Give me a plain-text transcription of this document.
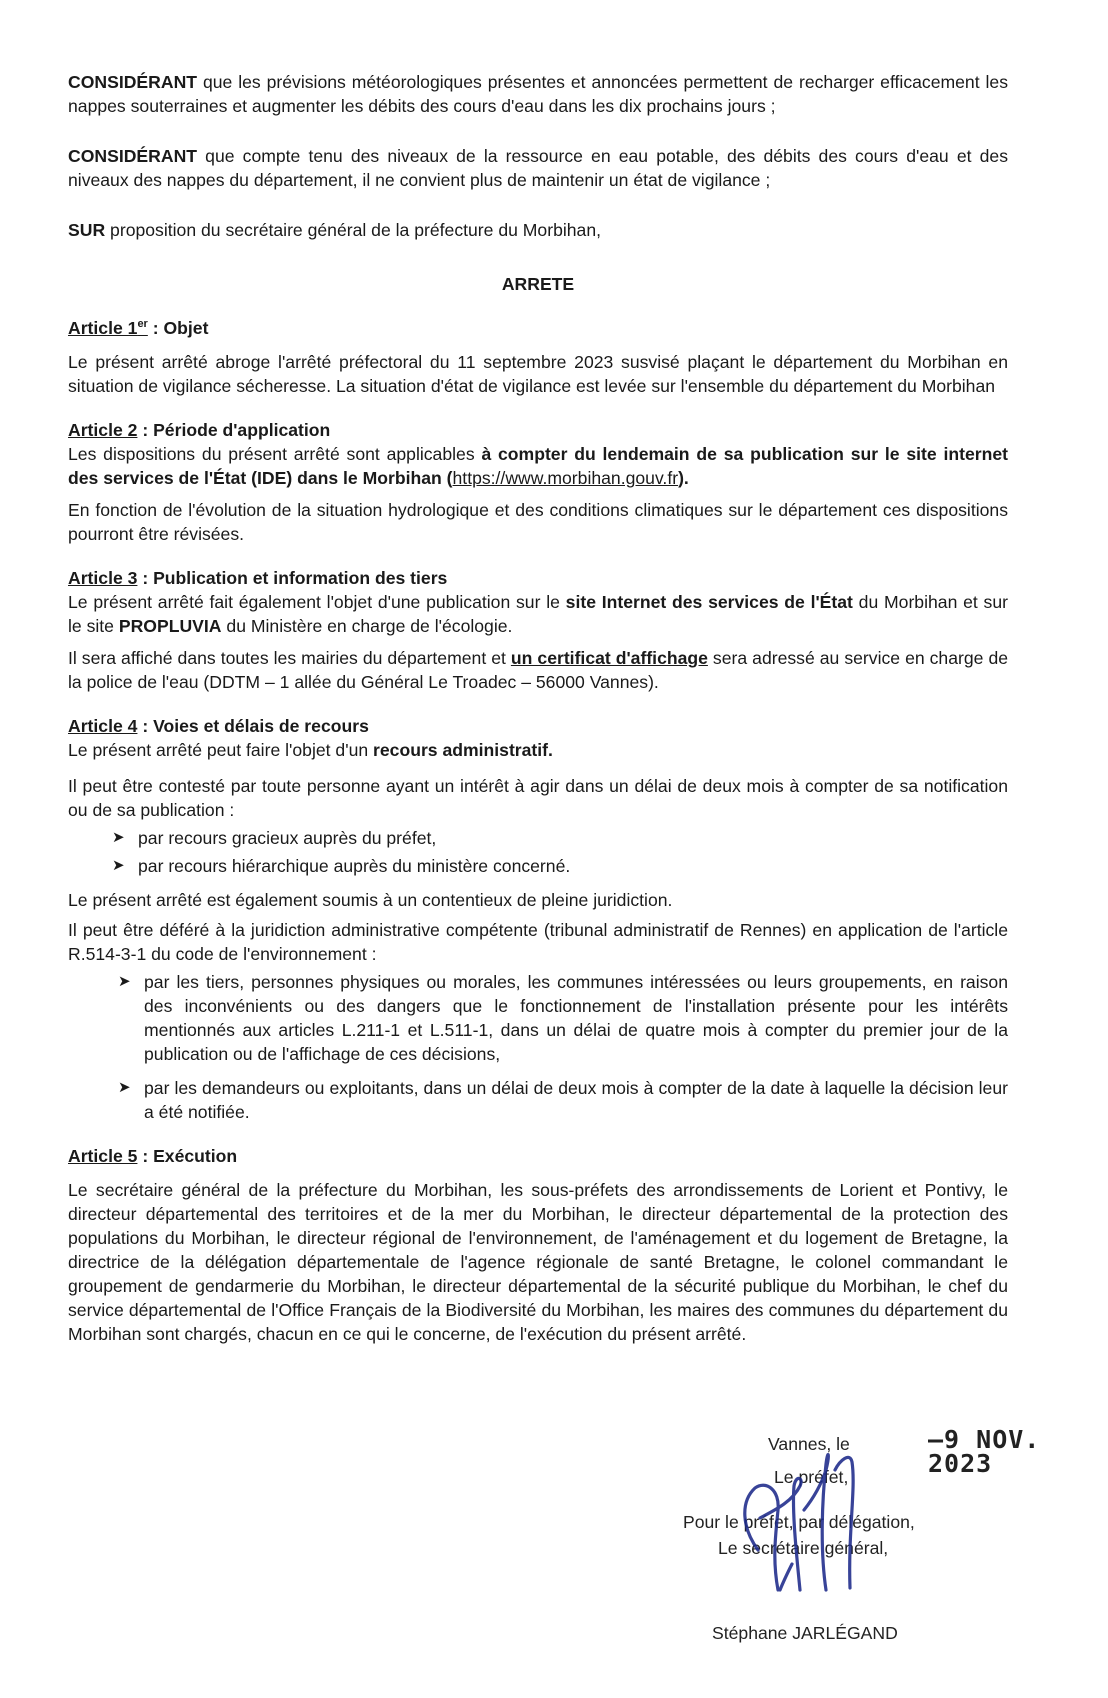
CONSIDÉRANT que les prévisions météorologiques présentes et annoncées permettent de recharger efficacement les nappes souterraines et augmenter les débits des cours d'eau dans les dix prochains jours ;

CONSIDÉRANT que compte tenu des niveaux de la ressource en eau potable, des débits des cours d'eau et des niveaux des nappes du département, il ne convient plus de maintenir un état de vigilance ;

SUR proposition du secrétaire général de la préfecture du Morbihan,

ARRETE

Article 1er : Objet

Le présent arrêté abroge l'arrêté préfectoral du 11 septembre 2023 susvisé plaçant le département du Morbihan en situation de vigilance sécheresse. La situation d'état de vigilance est levée sur l'ensemble du département du Morbihan

Article 2 : Période d'application

Les dispositions du présent arrêté sont applicables à compter du lendemain de sa publication sur le site internet des services de l'État (IDE) dans le Morbihan (https://www.morbihan.gouv.fr).

En fonction de l'évolution de la situation hydrologique et des conditions climatiques sur le département ces dispositions pourront être révisées.

Article 3 : Publication et information des tiers

Le présent arrêté fait également l'objet d'une publication sur le site Internet des services de l'État du Morbihan et sur le site PROPLUVIA du Ministère en charge de l'écologie.

Il sera affiché dans toutes les mairies du département et un certificat d'affichage sera adressé au service en charge de la police de l'eau (DDTM – 1 allée du Général Le Troadec – 56000 Vannes).

Article 4 : Voies et délais de recours

Le présent arrêté peut faire l'objet d'un recours administratif.

Il peut être contesté par toute personne ayant un intérêt à agir dans un délai de deux mois à compter de sa notification ou de sa publication :

➤ par recours gracieux auprès du préfet,
➤ par recours hiérarchique auprès du ministère concerné.

Le présent arrêté est également soumis à un contentieux de pleine juridiction.

Il peut être déféré à la juridiction administrative compétente (tribunal administratif de Rennes) en application de l'article R.514-3-1 du code de l'environnement :

➤ par les tiers, personnes physiques ou morales, les communes intéressées ou leurs groupements, en raison des inconvénients ou des dangers que le fonctionnement de l'installation présente pour les intérêts mentionnés aux articles L.211-1 et L.511-1, dans un délai de quatre mois à compter du premier jour de la publication ou de l'affichage de ces décisions,
➤ par les demandeurs ou exploitants, dans un délai de deux mois à compter de la date à laquelle la décision leur a été notifiée.

Article 5 : Exécution

Le secrétaire général de la préfecture du Morbihan, les sous-préfets des arrondissements de Lorient et Pontivy, le directeur départemental des territoires et de la mer du Morbihan, le directeur départemental de la protection des populations du Morbihan, le directeur régional de l'environnement, de l'aménagement et du logement de Bretagne, la directrice de la délégation départementale de l'agence régionale de santé Bretagne, le colonel commandant le groupement de gendarmerie du Morbihan, le directeur départemental de la sécurité publique du Morbihan, le chef du service départemental de l'Office Français de la Biodiversité du Morbihan, les maires des communes du département du Morbihan sont chargés, chacun en ce qui le concerne, de l'exécution du présent arrêté.

Vannes, le	–9 NOV. 2023
Le préfet,
Pour le préfet, par délégation,
Le secrétaire général,
Stéphane JARLÉGAND
